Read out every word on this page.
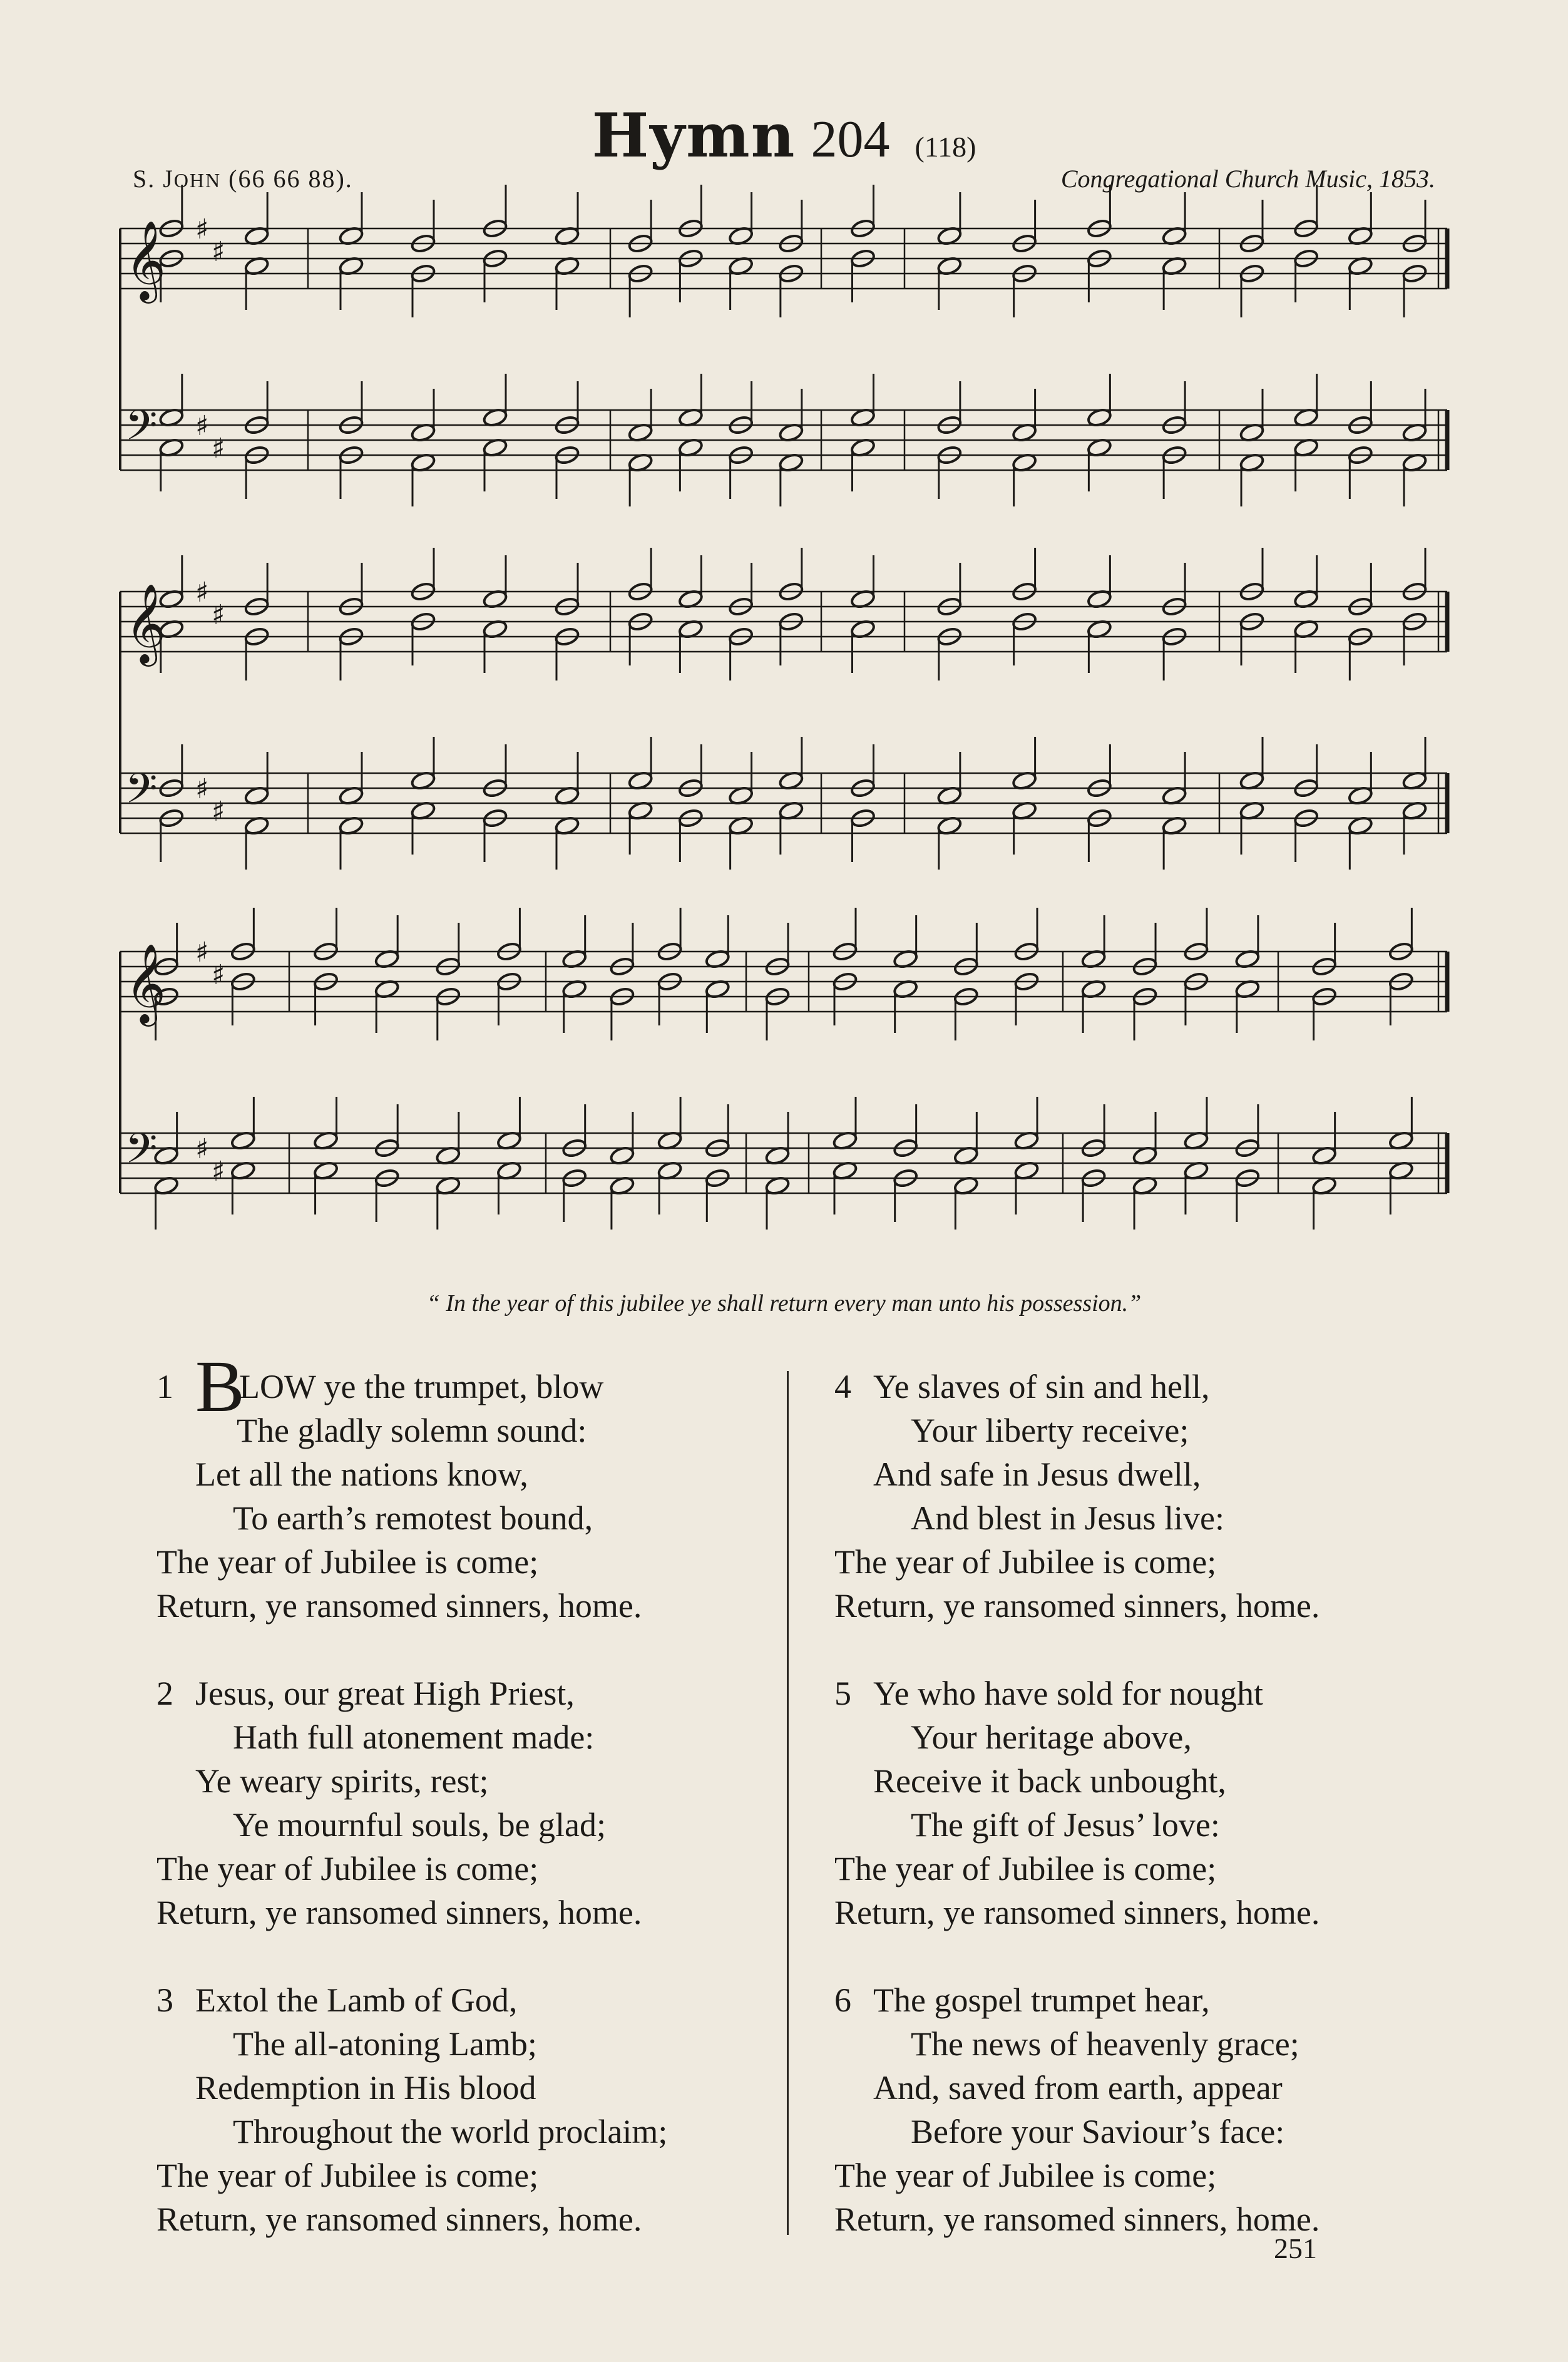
Hymn 204 (118)
S. JOHN (66 66 88).	Congregational Church Music, 1853.
𝄞 ♯
♯
𝄢 ♯
♯
𝄞 ♯
♯
𝄢 ♯
♯
𝄞 ♯
♯
𝄢 ♯
♯
“ In the year of this jubilee ye shall return every man unto his possession.”
1 BLOW ye the trumpet, blow
The gladly solemn sound:
Let all the nations know,
To earth’s remotest bound,
The year of Jubilee is come;
Return, ye ransomed sinners, home.
2 Jesus, our great High Priest,
Hath full atonement made:
Ye weary spirits, rest;
Ye mournful souls, be glad;
The year of Jubilee is come;
Return, ye ransomed sinners, home.
3 Extol the Lamb of God,
The all-atoning Lamb;
Redemption in His blood
Throughout the world proclaim;
The year of Jubilee is come;
Return, ye ransomed sinners, home.
4 Ye slaves of sin and hell,
Your liberty receive;
And safe in Jesus dwell,
And blest in Jesus live:
The year of Jubilee is come;
Return, ye ransomed sinners, home.
5 Ye who have sold for nought
Your heritage above,
Receive it back unbought,
The gift of Jesus’ love:
The year of Jubilee is come;
Return, ye ransomed sinners, home.
6 The gospel trumpet hear,
The news of heavenly grace;
And, saved from earth, appear
Before your Saviour’s face:
The year of Jubilee is come;
Return, ye ransomed sinners, home.
251
